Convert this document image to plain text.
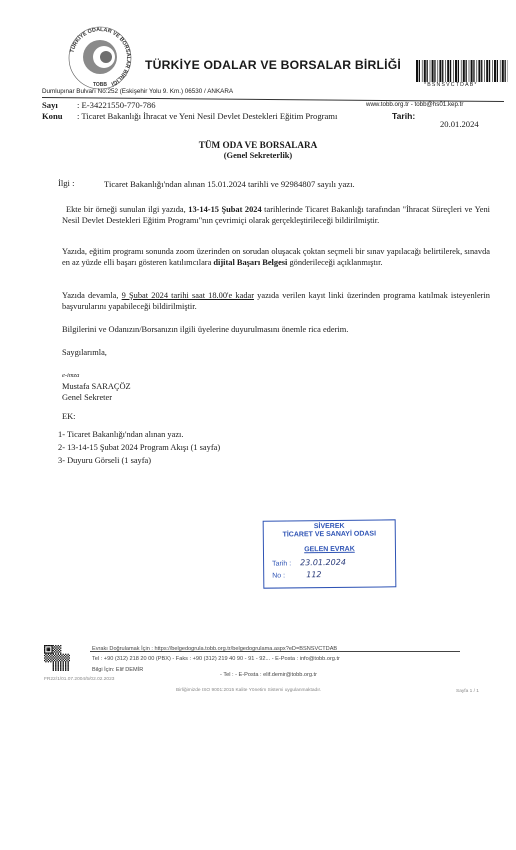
TÜRKİYE ODALAR VE BORSALAR BİRLİĞİ
TOBB
TÜRKİYE ODALAR VE BORSALAR BİRLİĞİ
*BSNSVCTDAB*
Dumlupınar Bulvarı No:252 (Eskişehir Yolu 9. Km.) 06530 / ANKARA
Sayı : E-34221550-770-786	www.tobb.org.tr - tobb@hs01.kep.tr
Konu : Ticaret Bakanlığı İhracat ve Yeni Nesil Devlet Destekleri Eğitim Programı	Tarih:
20.01.2024
TÜM ODA VE BORSALARA
(Genel Sekreterlik)
İlgi :	Ticaret Bakanlığı'ndan alınan 15.01.2024 tarihli ve 92984807 sayılı yazı.
Ekte bir örneği sunulan ilgi yazıda, 13-14-15 Şubat 2024 tarihlerinde Ticaret Bakanlığı tarafından "İhracat Süreçleri ve Yeni Nesil Devlet Destekleri Eğitim Programı"nın çevrimiçi olarak gerçekleştirileceği bildirilmiştir.
Yazıda, eğitim programı sonunda zoom üzerinden on sorudan oluşacak çoktan seçmeli bir sınav yapılacağı belirtilerek, sınavda en az yüzde elli başarı gösteren katılımcılara dijital Başarı Belgesi gönderileceği açıklanmıştır.
Yazıda devamla, 9 Şubat 2024 tarihi saat 18.00'e kadar yazıda verilen kayıt linki üzerinden programa katılmak isteyenlerin başvurularını yapabileceği bildirilmiştir.
Bilgilerini ve Odanızın/Borsanızın ilgili üyelerine duyurulmasını önemle rica ederim.
Saygılarımla,
e-imza
Mustafa SARAÇÖZ
Genel Sekreter
EK:
1- Ticaret Bakanlığı'ndan alınan yazı.
2- 13-14-15 Şubat 2024 Program Akışı (1 sayfa)
3- Duyuru Görseli (1 sayfa)
SİVEREK
TİCARET VE SANAYİ ODASI
GELEN EVRAK
Tarih : 23.01.2024
No :	112
Evrakı Doğrulamak İçin : https://belgedogrula.tobb.org.tr/belgedogrulama.aspx?eD=BSNSVCTDAB
Tel : +90 (312) 218 20 00 (PBX) - Faks : +90 (312) 219 40 90 - 91 - 92... - E-Posta : info@tobb.org.tr
Bilgi İçin: Elif DEMİR
- Tel : - E-Posta : elif.demir@tobb.org.tr
FR22/1/01.07.2004/5/02.02.2023
Birliğimizde ISO 9001:2015 Kalite Yönetim Sistemi uygulanmaktadır.	Sayfa 1 / 1
